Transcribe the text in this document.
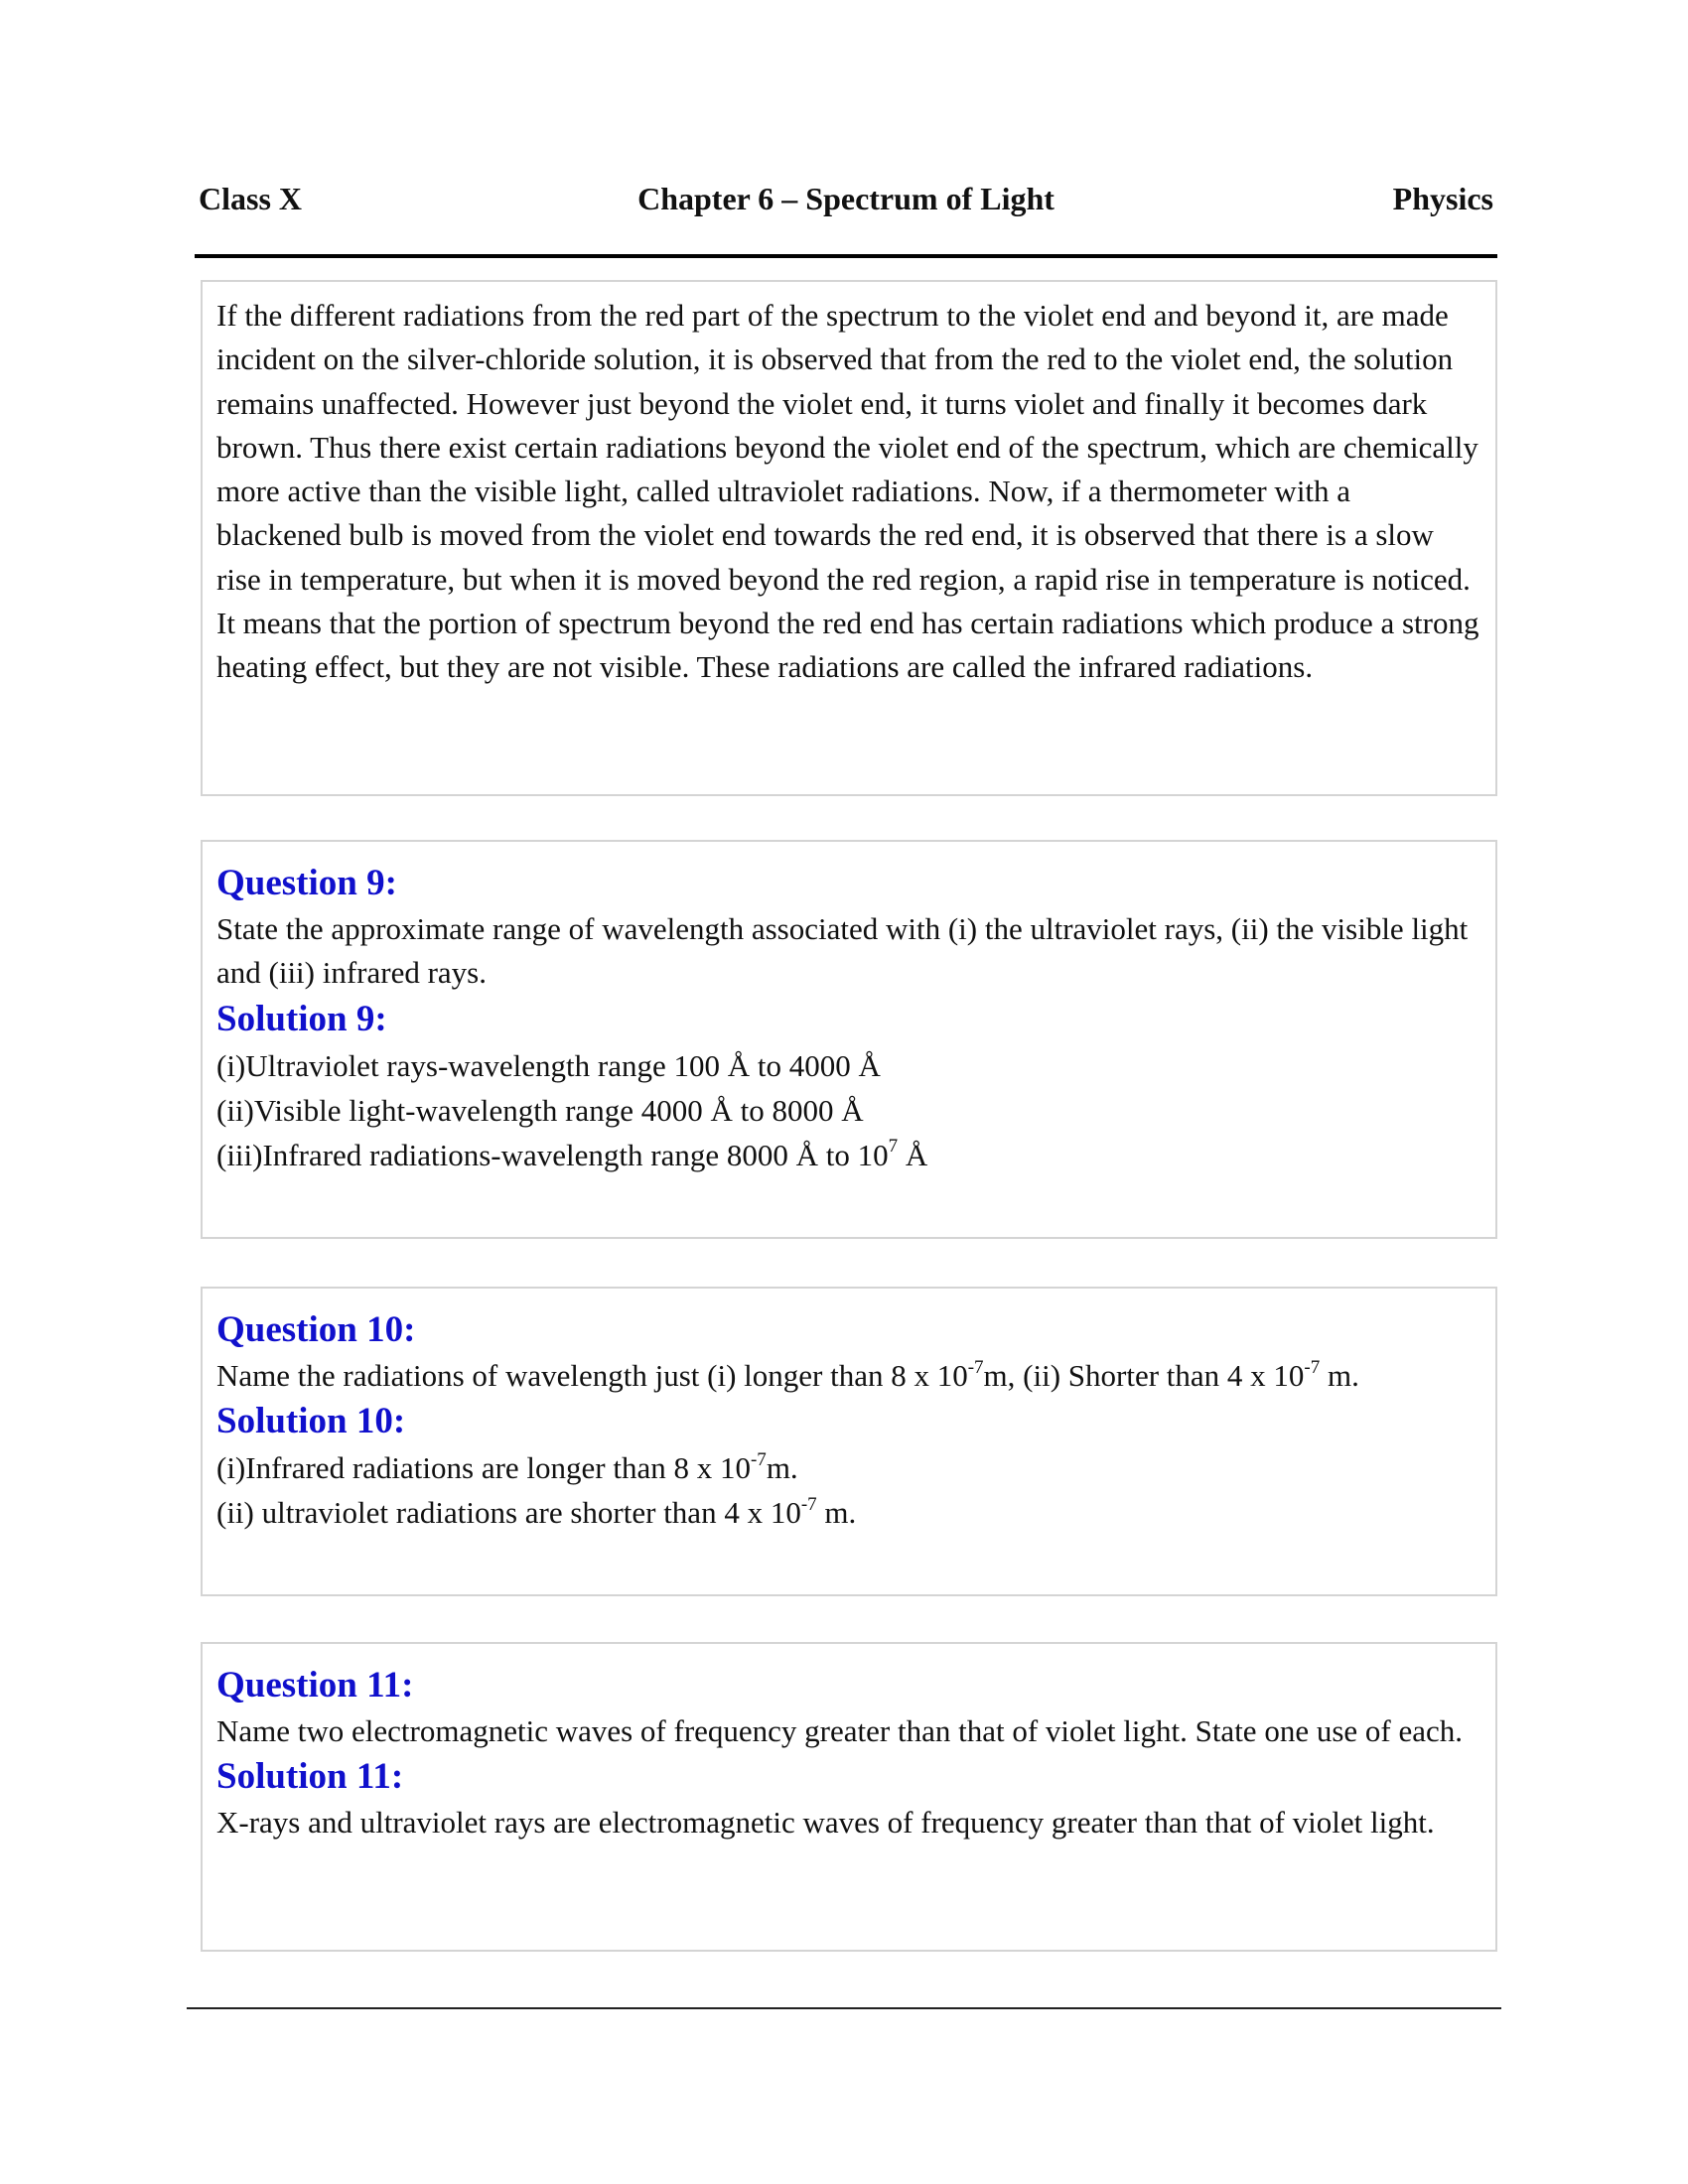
Class X	Chapter 6 – Spectrum of Light	Physics

If the different radiations from the red part of the spectrum to the violet end and beyond it, are made incident on the silver-chloride solution, it is observed that from the red to the violet end, the solution remains unaffected. However just beyond the violet end, it turns violet and finally it becomes dark brown. Thus there exist certain radiations beyond the violet end of the spectrum, which are chemically more active than the visible light, called ultraviolet radiations. Now, if a thermometer with a blackened bulb is moved from the violet end towards the red end, it is observed that there is a slow rise in temperature, but when it is moved beyond the red region, a rapid rise in temperature is noticed. It means that the portion of spectrum beyond the red end has certain radiations which produce a strong heating effect, but they are not visible. These radiations are called the infrared radiations.

Question 9:

State the approximate range of wavelength associated with (i) the ultraviolet rays, (ii) the visible light and (iii) infrared rays.

Solution 9:

(i)Ultraviolet rays-wavelength range 100 Å to 4000 Å

(ii)Visible light-wavelength range 4000 Å to 8000 Å

(iii)Infrared radiations-wavelength range 8000 Å to $10^7$ Å

Question 10:

Name the radiations of wavelength just (i) longer than 8 x $10^{-7}m$, (ii) Shorter than 4 x $10^{-7}$ m.

Solution 10:

(i)Infrared radiations are longer than 8 x $10^{-7}m$.

(ii) ultraviolet radiations are shorter than 4 x $10^{-7}$ m.

Question 11:

Name two electromagnetic waves of frequency greater than that of violet light. State one use of each.

Solution 11:

X-rays and ultraviolet rays are electromagnetic waves of frequency greater than that of violet light.
